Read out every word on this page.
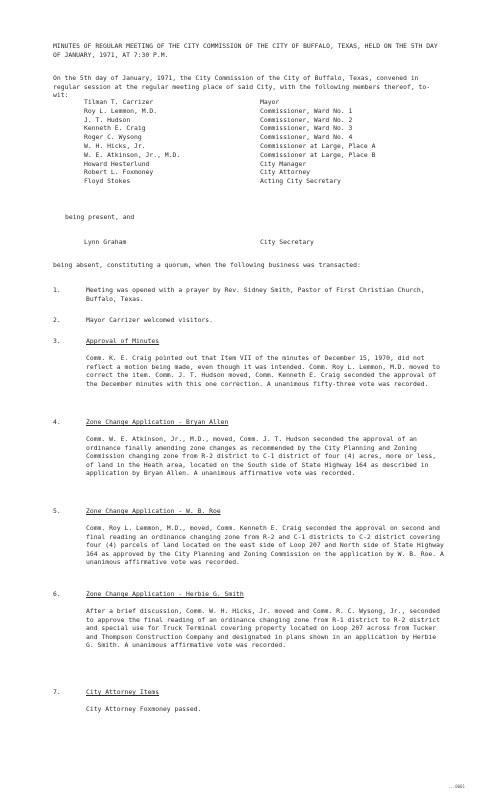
MINUTES OF REGULAR MEETING OF THE CITY COMMISSION OF THE CITY OF BUFFALO, TEXAS, HELD ON THE 5TH DAY OF JANUARY, 1971, AT 7:30 P.M.
On the 5th day of January, 1971, the City Commission of the City of Buffalo, Texas, convened in regular session at the regular meeting place of said City, with the following members thereof, to-wit:
Tilman T. Carrizer	Mayor
Roy L. Lemmon, M.D.	Commissioner, Ward No. 1
J. T. Hudson	Commissioner, Ward No. 2
Kenneth E. Craig	Commissioner, Ward No. 3
Roger C. Wysong	Commissioner, Ward No. 4
W. H. Hicks, Jr.	Commissioner at Large, Place A
W. E. Atkinson, Jr., M.D.	Commissioner at Large, Place B
Howard Hesterlund	City Manager
Robert L. Foxmoney	City Attorney
Floyd Stokes	Acting City Secretary
being present, and
Lynn Graham	City Secretary
being absent, constituting a quorum, when the following business was transacted:
1.	Meeting was opened with a prayer by Rev. Sidney Smith, Pastor of First Christian Church, Buffalo, Texas.
2.	Mayor Carrizer welcomed visitors.
3.	Approval of Minutes
Comm. K. E. Craig pointed out that Item VII of the minutes of December 15, 1970, did not reflect a motion being made, even though it was intended. Comm. Roy L. Lemmon, M.D. moved to correct the item. Comm. J. T. Hudson moved, Comm. Kenneth E. Craig seconded the approval of the December minutes with this one correction. A unanimous fifty-three vote was recorded.
4.	Zone Change Application - Bryan Allen
Comm. W. E. Atkinson, Jr., M.D., moved, Comm. J. T. Hudson seconded the approval of an ordinance finally amending zone changes as recommended by the City Planning and Zoning Commission changing zone from R-2 district to C-1 district of four (4) acres, more or less, of land in the Heath area, located on the South side of State Highway 164 as described in application by Bryan Allen. A unanimous affirmative vote was recorded.
5.	Zone Change Application - W. B. Roe
Comm. Roy L. Lemmon, M.D., moved, Comm. Kenneth E. Craig seconded the approval on second and final reading an ordinance changing zone from R-2 and C-1 districts to C-2 district covering four (4) parcels of land located on the east side of Loop 207 and North side of State Highway 164 as approved by the City Planning and Zoning Commission on the application by W. B. Roe. A unanimous affirmative vote was recorded.
6.	Zone Change Application - Herbie G. Smith
After a brief discussion, Comm. W. H. Hicks, Jr. moved and Comm. R. C. Wysong, Jr., seconded to approve the final reading of an ordinance changing zone from R-1 district to R-2 district and special use for Truck Terminal covering property located on Loop 207 across from Tucker and Thompson Construction Company and designated in plans shown in an application by Herbie G. Smith. A unanimous affirmative vote was recorded.
7.	City Attorney Items
City Attorney Foxmoney passed.
...0001
